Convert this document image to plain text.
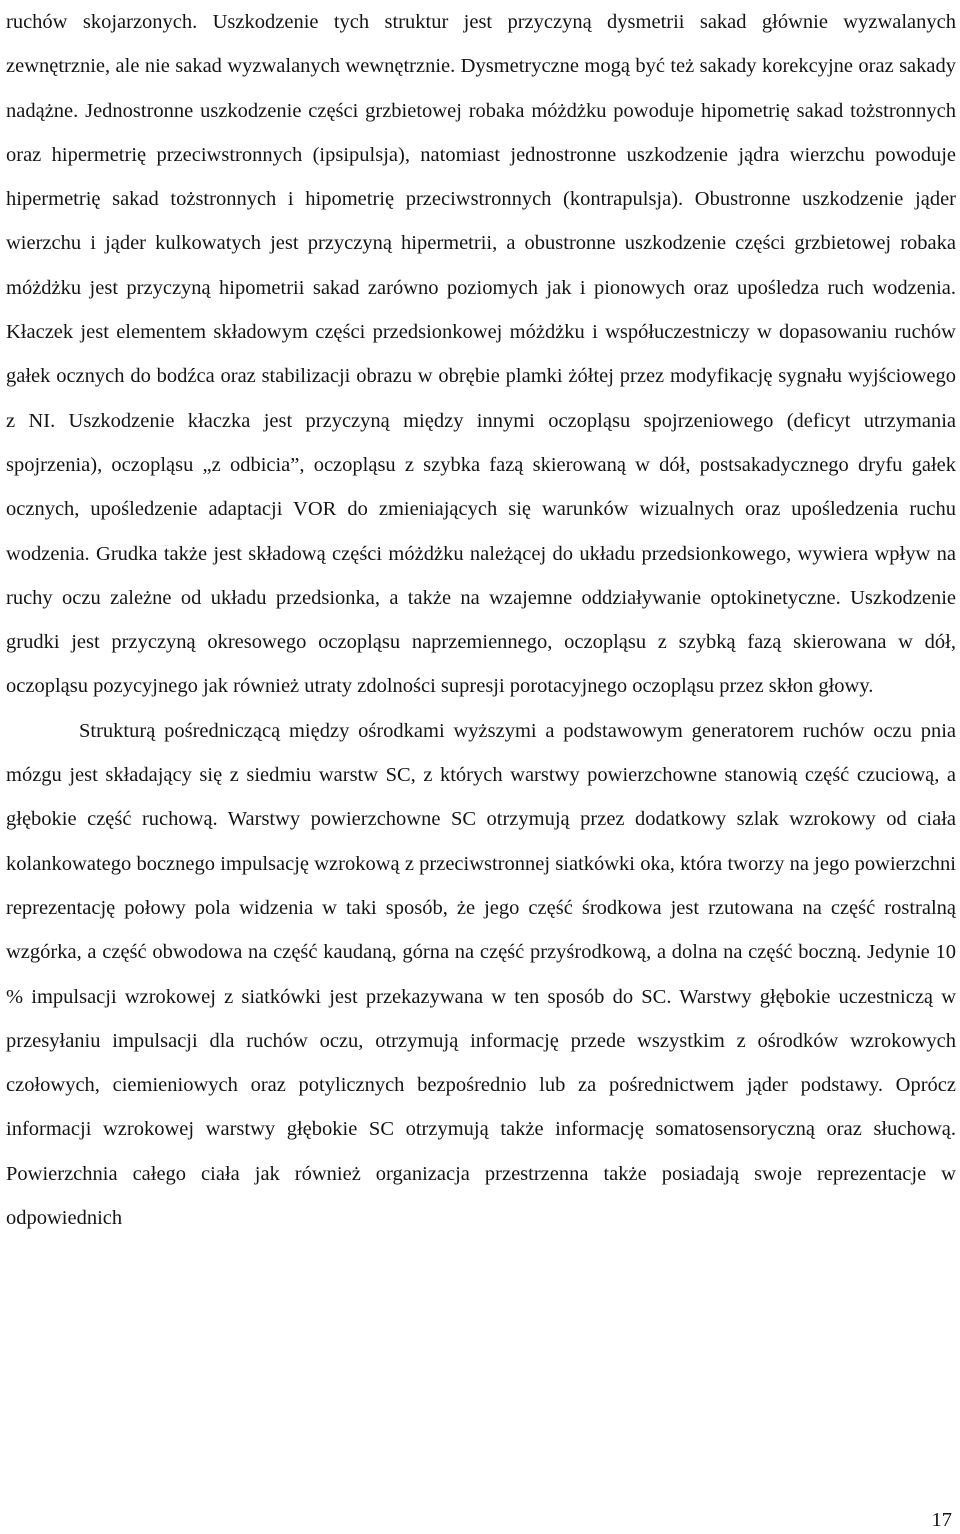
ruchów skojarzonych. Uszkodzenie tych struktur jest przyczyną dysmetrii sakad głównie wyzwalanych zewnętrznie, ale nie sakad wyzwalanych wewnętrznie. Dysmetryczne mogą być też sakady korekcyjne oraz sakady nadążne. Jednostronne uszkodzenie części grzbietowej robaka móżdżku powoduje hipometrię sakad tożstronnych oraz hipermetrię przeciwstronnych (ipsipulsja), natomiast jednostronne uszkodzenie jądra wierzchu powoduje hipermetrię sakad tożstronnych i hipometrię przeciwstronnych (kontrapulsja). Obustronne uszkodzenie jąder wierzchu i jąder kulkowatych jest przyczyną hipermetrii, a obustronne uszkodzenie części grzbietowej robaka móżdżku jest przyczyną hipometrii sakad zarówno poziomych jak i pionowych oraz upośledza ruch wodzenia. Kłaczek jest elementem składowym części przedsionkowej móżdżku i współuczestniczy w dopasowaniu ruchów gałek ocznych do bodźca oraz stabilizacji obrazu w obrębie plamki żółtej przez modyfikację sygnału wyjściowego z NI. Uszkodzenie kłaczka jest przyczyną między innymi oczopląsu spojrzeniowego (deficyt utrzymania spojrzenia), oczopląsu „z odbicia”, oczopląsu z szybka fazą skierowaną w dół, postsakadycznego dryfu gałek ocznych, upośledzenie adaptacji VOR do zmieniających się warunków wizualnych oraz upośledzenia ruchu wodzenia. Grudka także jest składową części móżdżku należącej do układu przedsionkowego, wywiera wpływ na ruchy oczu zależne od układu przedsionka, a także na wzajemne oddziaływanie optokinetyczne. Uszkodzenie grudki jest przyczyną okresowego oczopląsu naprzemiennego, oczopląsu z szybką fazą skierowana w dół, oczopląsu pozycyjnego jak również utraty zdolności supresji porotacyjnego oczopląsu przez skłon głowy.

Strukturą pośredniczącą między ośrodkami wyższymi a podstawowym generatorem ruchów oczu pnia mózgu jest składający się z siedmiu warstw SC, z których warstwy powierzchowne stanowią część czuciową, a głębokie część ruchową. Warstwy powierzchowne SC otrzymują przez dodatkowy szlak wzrokowy od ciała kolankowatego bocznego impulsację wzrokową z przeciwstronnej siatkówki oka, która tworzy na jego powierzchni reprezentację połowy pola widzenia w taki sposób, że jego część środkowa jest rzutowana na część rostralną wzgórka, a część obwodowa na część kaudaną, górna na część przyśrodkową, a dolna na część boczną. Jedynie 10 % impulsacji wzrokowej z siatkówki jest przekazywana w ten sposób do SC. Warstwy głębokie uczestniczą w przesyłaniu impulsacji dla ruchów oczu, otrzymują informację przede wszystkim z ośrodków wzrokowych czołowych, ciemieniowych oraz potylicznych bezpośrednio lub za pośrednictwem jąder podstawy. Oprócz informacji wzrokowej warstwy głębokie SC otrzymują także informację somatosensoryczną oraz słuchową. Powierzchnia całego ciała jak również organizacja przestrzenna także posiadają swoje reprezentacje w odpowiednich

17
